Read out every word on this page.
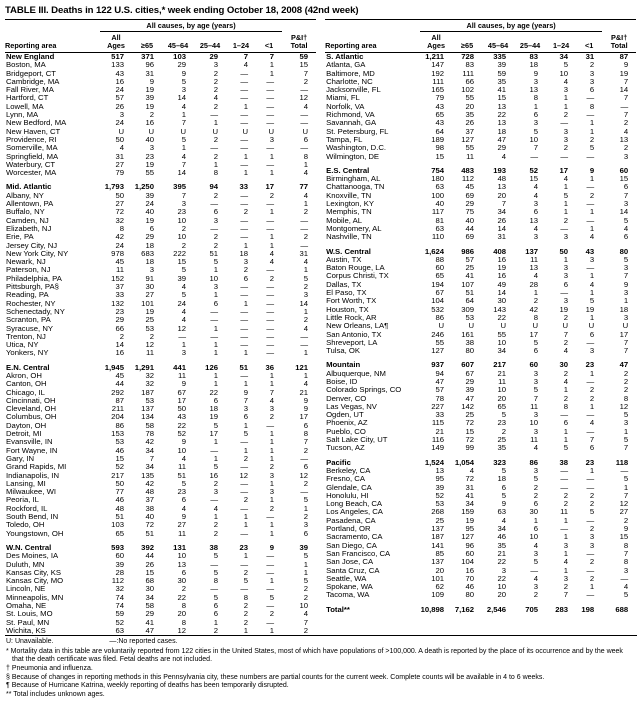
TABLE III. Deaths in 122 U.S. cities,* week ending October 18, 2008 (42nd week)
	All causes, by age (years)						
Reporting area	All
Ages	≥65	45–64	25–44	1–24	<1	P&I†
Total
New England	517	371	103	29	7	7	59
Boston, MA	133	96	29	3	4	1	15
Bridgeport, CT	43	31	9	2	—	1	7
Cambridge, MA	16	9	5	2	—	—	2
Fall River, MA	24	19	3	2	—	—	—
Hartford, CT	57	39	14	4	—	—	12
Lowell, MA	26	19	4	2	1	—	4
Lynn, MA	3	2	1	—	—	—	—
New Bedford, MA	24	16	7	1	—	—	—
New Haven, CT	U	U	U	U	U	U	U
Providence, RI	50	40	5	2	—	3	6
Somerville, MA	4	3	1	—	—	—	—
Springfield, MA	31	23	4	2	1	1	8
Waterbury, CT	27	19	7	1	—	—	1
Worcester, MA	79	55	14	8	1	1	4

Mid. Atlantic	1,793	1,250	395	94	33	17	77
Albany, NY	50	39	7	2	—	2	4
Allentown, PA	27	24	3	—	—	—	1
Buffalo, NY	72	40	23	6	2	1	2
Camden, NJ	32	19	10	3	—	—	—
Elizabeth, NJ	8	6	2	—	—	—	—
Erie, PA	42	29	10	2	—	1	2
Jersey City, NJ	24	18	2	2	1	1	—
New York City, NY	978	683	222	51	18	4	31
Newark, NJ	45	18	15	5	3	4	4
Paterson, NJ	11	3	5	1	2	—	1
Philadelphia, PA	152	91	39	10	6	2	5
Pittsburgh, PA§	37	30	4	3	—	—	2
Reading, PA	33	27	5	1	—	—	3
Rochester, NY	132	101	24	6	1	—	14
Schenectady, NY	23	19	4	—	—	—	1
Scranton, PA	29	25	4	—	—	—	2
Syracuse, NY	66	53	12	1	—	—	4
Trenton, NJ	2	2	—	—	—	—	—
Utica, NY	14	12	1	1	—	—	—
Yonkers, NY	16	11	3	1	1	—	1

E.N. Central	1,945	1,291	441	126	51	36	121
Akron, OH	45	32	11	1	—	1	1
Canton, OH	44	32	9	1	1	1	4
Chicago, IL	292	187	67	22	9	7	21
Cincinnati, OH	87	53	17	6	7	4	9
Cleveland, OH	211	137	50	18	3	3	9
Columbus, OH	204	134	43	19	6	2	17
Dayton, OH	86	58	22	5	1	—	6
Detroit, MI	153	78	52	17	5	1	8
Evansville, IN	53	42	9	1	—	1	7
Fort Wayne, IN	46	34	10	—	1	1	2
Gary, IN	15	7	4	1	2	1	—
Grand Rapids, MI	52	34	11	5	—	2	6
Indianapolis, IN	217	135	51	16	12	3	12
Lansing, MI	50	42	5	2	—	1	2
Milwaukee, WI	77	48	23	3	—	3	—
Peoria, IL	46	37	6	—	2	1	5
Rockford, IL	48	38	4	4	—	2	1
South Bend, IN	51	40	9	1	1	—	2
Toledo, OH	103	72	27	2	1	1	3
Youngstown, OH	65	51	11	2	—	1	6

W.N. Central	593	392	131	38	23	9	39
Des Moines, IA	60	44	10	5	1	—	5
Duluth, MN	39	26	13	—	—	—	1
Kansas City, KS	28	15	6	5	2	—	1
Kansas City, MO	112	68	30	8	5	1	5
Lincoln, NE	32	30	2	—	—	—	2
Minneapolis, MN	74	34	22	5	8	5	2
Omaha, NE	74	58	8	6	2	—	10
St. Louis, MO	59	29	20	6	2	2	4
St. Paul, MN	52	41	8	1	2	—	7
Wichita, KS	63	47	12	2	1	1	2
	All causes, by age (years)						
Reporting area	All
Ages	≥65	45–64	25–44	1–24	<1	P&I†
Total
S. Atlantic	1,211	728	335	83	34	31	87
Atlanta, GA	147	83	39	18	5	2	9
Baltimore, MD	192	111	59	9	10	3	19
Charlotte, NC	111	66	35	3	4	3	7
Jacksonville, FL	165	102	41	13	3	6	14
Miami, FL	79	55	15	8	1	—	7
Norfolk, VA	43	20	13	1	1	8	—
Richmond, VA	65	35	22	6	2	—	7
Savannah, GA	43	26	13	3	—	1	2
St. Petersburg, FL	64	37	18	5	3	1	4
Tampa, FL	189	127	47	10	3	2	13
Washington, D.C.	98	55	29	7	2	5	2
Wilmington, DE	15	11	4	—	—	—	3

E.S. Central	754	483	193	52	17	9	60
Birmingham, AL	180	112	48	15	4	1	15
Chattanooga, TN	63	45	13	4	1	—	6
Knoxville, TN	100	69	20	4	5	2	7
Lexington, KY	40	29	7	3	1	—	3
Memphis, TN	117	75	34	6	1	1	14
Mobile, AL	81	40	26	13	2	—	5
Montgomery, AL	63	44	14	4	—	1	4
Nashville, TN	110	69	31	3	3	4	6

W.S. Central	1,624	986	408	137	50	43	80
Austin, TX	88	57	16	11	1	3	5
Baton Rouge, LA	60	25	19	13	3	—	3
Corpus Christi, TX	65	41	16	4	3	1	7
Dallas, TX	194	107	49	28	6	4	9
El Paso, TX	67	51	14	1	—	1	3
Fort Worth, TX	104	64	30	2	3	5	1
Houston, TX	532	309	143	42	19	19	18
Little Rock, AR	86	53	22	8	2	1	3
New Orleans, LA¶	U	U	U	U	U	U	U
San Antonio, TX	246	161	55	17	7	6	17
Shreveport, LA	55	38	10	5	2	—	7
Tulsa, OK	127	80	34	6	4	3	7

Mountain	937	607	217	60	30	23	47
Albuquerque, NM	94	67	21	3	2	1	2
Boise, ID	47	29	11	3	4	—	2
Colorado Springs, CO	57	39	10	5	1	2	2
Denver, CO	78	47	20	7	2	2	8
Las Vegas, NV	227	142	65	11	8	1	12
Ogden, UT	33	25	5	3	—	—	5
Phoenix, AZ	115	72	23	10	6	4	3
Pueblo, CO	21	15	2	3	1	—	1
Salt Lake City, UT	116	72	25	11	1	7	5
Tucson, AZ	149	99	35	4	5	6	7

Pacific	1,524	1,054	323	86	38	23	118
Berkeley, CA	13	4	5	3	—	1	—
Fresno, CA	95	72	18	5	—	—	5
Glendale, CA	39	31	6	2	—	—	1
Honolulu, HI	52	41	5	2	2	2	7
Long Beach, CA	53	34	9	6	2	2	12
Los Angeles, CA	268	159	63	30	11	5	27
Pasadena, CA	25	19	4	1	1	—	2
Portland, OR	137	95	34	6	—	2	9
Sacramento, CA	187	127	46	10	1	3	15
San Diego, CA	141	96	35	4	3	3	8
San Francisco, CA	85	60	21	3	1	—	7
San Jose, CA	137	104	22	5	4	2	8
Santa Cruz, CA	20	16	3	—	1	—	3
Seattle, WA	101	70	22	4	3	2	—
Spokane, WA	62	46	10	3	2	1	4
Tacoma, WA	109	80	20	2	7	—	5

Total**	10,898	7,162	2,546	705	283	198	688

U: Unavailable.	—:No reported cases.

* Mortality data in this table are voluntarily reported from 122 cities in the United States, most of which have populations of >100,000. A death is reported by the place of its occurrence and by the week that the death certificate was filed. Fetal deaths are not included.

† Pneumonia and influenza.

§ Because of changes in reporting methods in this Pennsylvania city, these numbers are partial counts for the current week. Complete counts will be available in 4 to 6 weeks.

¶ Because of Hurricane Katrina, weekly reporting of deaths has been temporarily disrupted.

** Total includes unknown ages.
